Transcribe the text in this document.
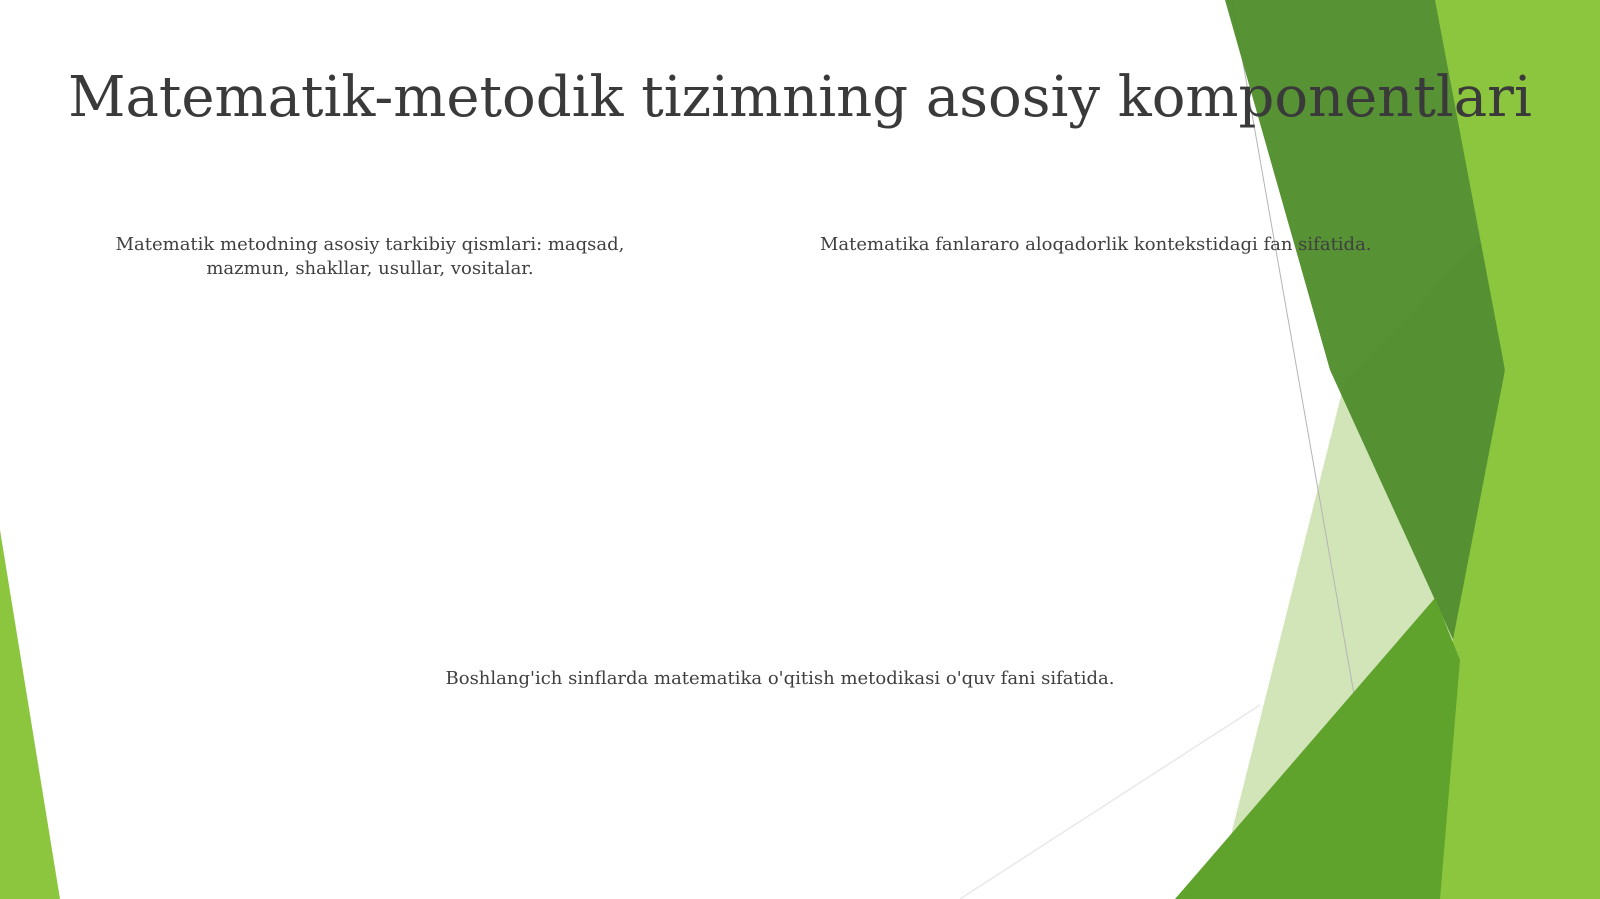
Matematik-metodik tizimning asosiy komponentlari

Matematik metodning asosiy tarkibiy qismlari: maqsad, mazmun, shakllar, usullar, vositalar.

Matematika fanlararo aloqadorlik kontekstidagi fan sifatida.

Boshlang'ich sinflarda matematika o'qitish metodikasi o'quv fani sifatida.
